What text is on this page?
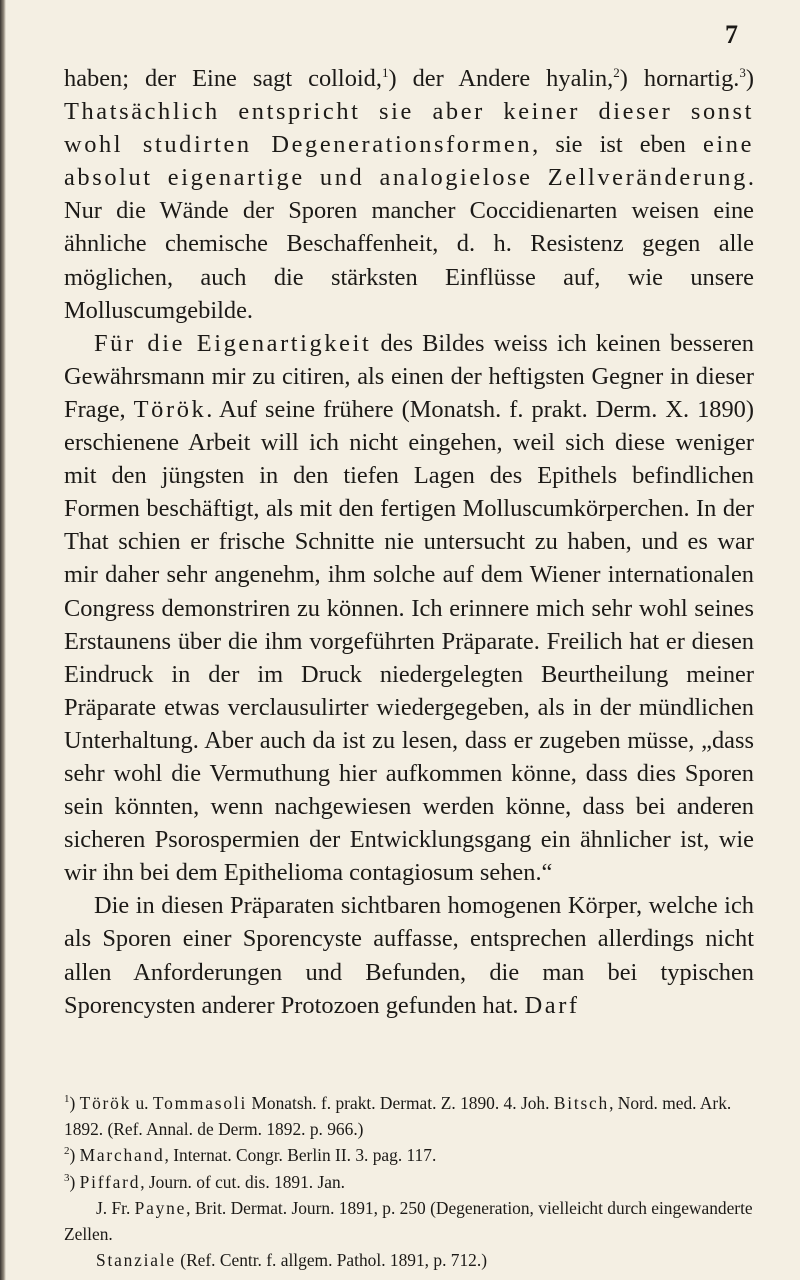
7

haben; der Eine sagt colloid,$^1$) der Andere hyalin,$^2$) hornartig.$^3$) Thatsächlich entspricht sie aber keiner dieser sonst wohl studirten Degenerationsformen, sie ist eben eine absolut eigenartige und analogielose Zellveränderung. Nur die Wände der Sporen mancher Coccidienarten weisen eine ähnliche chemische Beschaffenheit, d. h. Resistenz gegen alle möglichen, auch die stärksten Einflüsse auf, wie unsere Molluscumgebilde.

Für die Eigenartigkeit des Bildes weiss ich keinen besseren Gewährsmann mir zu citiren, als einen der heftigsten Gegner in dieser Frage, Török. Auf seine frühere (Monatsh. f. prakt. Derm. X. 1890) erschienene Arbeit will ich nicht eingehen, weil sich diese weniger mit den jüngsten in den tiefen Lagen des Epithels befindlichen Formen beschäftigt, als mit den fertigen Molluscumkörperchen. In der That schien er frische Schnitte nie untersucht zu haben, und es war mir daher sehr angenehm, ihm solche auf dem Wiener internationalen Congress demonstriren zu können. Ich erinnere mich sehr wohl seines Erstaunens über die ihm vorgeführten Präparate. Freilich hat er diesen Eindruck in der im Druck niedergelegten Beurtheilung meiner Präparate etwas verclausulirter wiedergegeben, als in der mündlichen Unterhaltung. Aber auch da ist zu lesen, dass er zugeben müsse, „dass sehr wohl die Vermuthung hier aufkommen könne, dass dies Sporen sein könnten, wenn nachgewiesen werden könne, dass bei anderen sicheren Psorospermien der Entwicklungsgang ein ähnlicher ist, wie wir ihn bei dem Epithelioma contagiosum sehen.“

Die in diesen Präparaten sichtbaren homogenen Körper, welche ich als Sporen einer Sporencyste auffasse, entsprechen allerdings nicht allen Anforderungen und Befunden, die man bei typischen Sporencysten anderer Protozoen gefunden hat. Darf

$^1$) Török u. Tommasoli Monatsh. f. prakt. Dermat. Z. 1890. 4. Joh. Bitsch, Nord. med. Ark. 1892. (Ref. Annal. de Derm. 1892. p. 966.)

$^2$) Marchand, Internat. Congr. Berlin II. 3. pag. 117.

$^3$) Piffard, Journ. of cut. dis. 1891. Jan.

J. Fr. Payne, Brit. Dermat. Journ. 1891, p. 250 (Degeneration, vielleicht durch eingewanderte Zellen.

Stanziale (Ref. Centr. f. allgem. Pathol. 1891, p. 712.)
